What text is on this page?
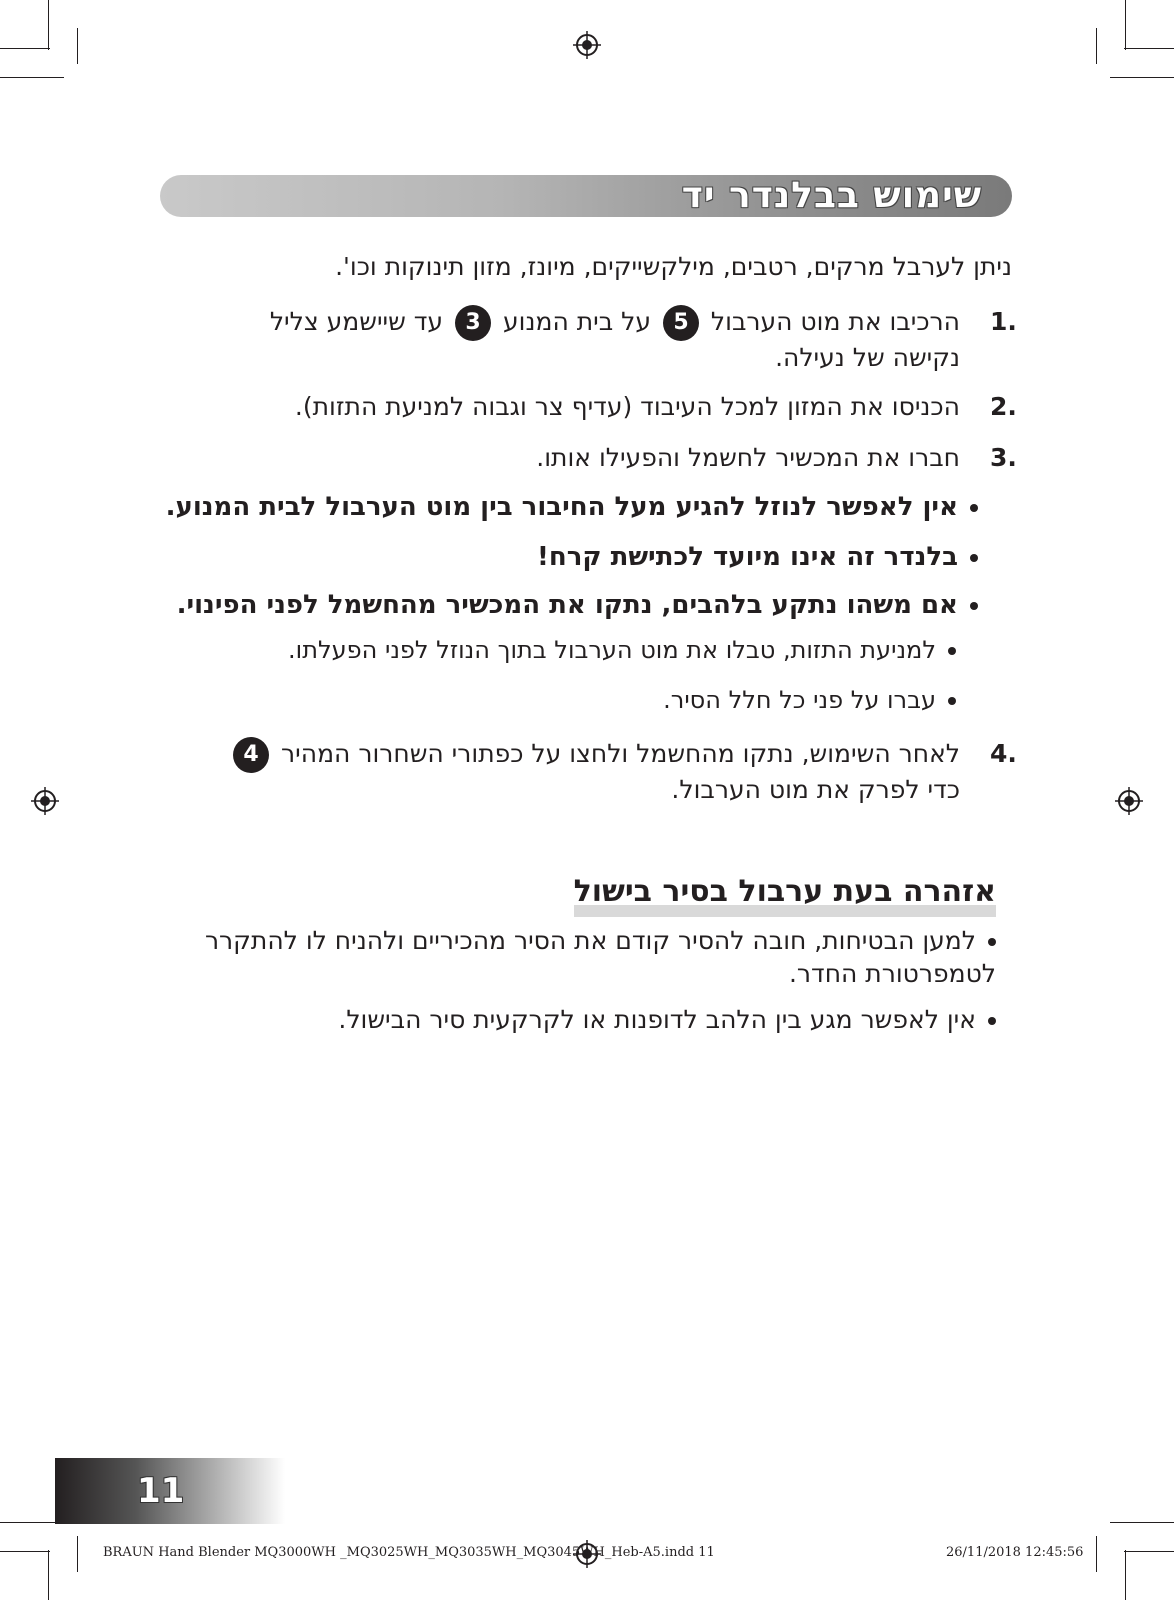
שימוש בבלנדר יד
ניתן לערבל מרקים, רטבים, מילקשייקים, מיונז, מזון תינוקות וכו'.
1.
הרכיבו את מוט הערבול 5 על בית המנוע 3 עד שיישמע צליל נקישה של נעילה.
2.
הכניסו את המזון למכל העיבוד (עדיף צר וגבוה למניעת התזות).
3.
חברו את המכשיר לחשמל והפעילו אותו.
אין לאפשר לנוזל להגיע מעל החיבור בין מוט הערבול לבית המנוע.
בלנדר זה אינו מיועד לכתישת קרח!
אם משהו נתקע בלהבים, נתקו את המכשיר מהחשמל לפני הפינוי.
למניעת התזות, טבלו את מוט הערבול בתוך הנוזל לפני הפעלתו.
עברו על פני כל חלל הסיר.
4.
לאחר השימוש, נתקו מהחשמל ולחצו על כפתורי השחרור המהיר 4 כדי לפרק את מוט הערבול.
אזהרה בעת ערבול בסיר בישול
למען הבטיחות, חובה להסיר קודם את הסיר מהכיריים ולהניח לו להתקרר לטמפרטורת החדר.
אין לאפשר מגע בין הלהב לדופנות או לקרקעית סיר הבישול.
11
BRAUN Hand Blender MQ3000WH _MQ3025WH_MQ3035WH_MQ3045WH_Heb-A5.indd 11	26/11/2018 12:45:56
